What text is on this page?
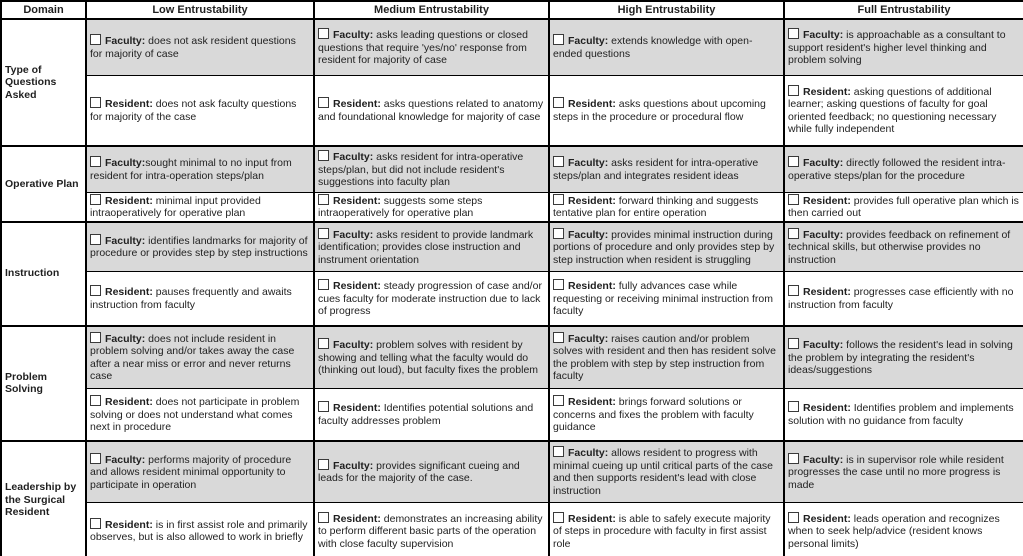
Domain	Low Entrustability	Medium Entrustability	High Entrustability	Full Entrustability
Type of Questions Asked	Faculty: does not ask resident questions for majority of case	Faculty: asks leading questions or closed questions that require 'yes/no' response from resident for majority of case	Faculty: extends knowledge with open-ended questions	Faculty: is approachable as a consultant to support resident's higher level thinking and problem solving
	Resident: does not ask faculty questions for majority of the case	Resident: asks questions related to anatomy and foundational knowledge for majority of case	Resident: asks questions about upcoming steps in the procedure or procedural flow	Resident: asking questions of additional learner; asking questions of faculty for goal oriented feedback; no questioning necessary while fully independent
Operative Plan	Faculty:sought minimal to no input from resident for intra-operation steps/plan	Faculty: asks resident for intra-operative steps/plan, but did not include resident's suggestions into faculty plan	Faculty: asks resident for intra-operative steps/plan and integrates resident ideas	Faculty: directly followed the resident intra-operative steps/plan for the procedure
	Resident: minimal input provided intraoperatively for operative plan	Resident: suggests some steps intraoperatively for operative plan	Resident: forward thinking and suggests tentative plan for entire operation	Resident: provides full operative plan which is then carried out
Instruction	Faculty: identifies landmarks for majority of procedure or provides step by step instructions	Faculty: asks resident to provide landmark identification; provides close instruction and instrument orientation	Faculty: provides minimal instruction during portions of procedure and only provides step by step instruction when resident is struggling	Faculty: provides feedback on refinement of technical skills, but otherwise provides no instruction
	Resident: pauses frequently and awaits instruction from faculty	Resident: steady progression of case and/or cues faculty for moderate instruction due to lack of progress	Resident: fully advances case while requesting or receiving minimal instruction from faculty	Resident: progresses case efficiently with no instruction from faculty
Problem Solving	Faculty: does not include resident in problem solving and/or takes away the case after a near miss or error and never returns case	Faculty: problem solves with resident by showing and telling what the faculty would do (thinking out loud), but faculty fixes the problem	Faculty: raises caution and/or problem solves with resident and then has resident solve the problem with step by step instruction from faculty	Faculty: follows the resident's lead in solving the problem by integrating the resident's ideas/suggestions
	Resident: does not participate in problem solving or does not understand what comes next in procedure	Resident: Identifies potential solutions and faculty addresses problem	Resident: brings forward solutions or concerns and fixes the problem with faculty guidance	Resident: Identifies problem and implements solution with no guidance from faculty
Leadership by the Surgical Resident	Faculty: performs majority of procedure and allows resident minimal opportunity to participate in operation	Faculty: provides significant cueing and leads for the majority of the case.	Faculty: allows resident to progress with minimal cueing up until critical parts of the case and then supports resident's lead with close instruction	Faculty: is in supervisor role while resident progresses the case until no more progress is made
	Resident: is in first assist role and primarily observes, but is also allowed to work in briefly	Resident: demonstrates an increasing ability to perform different basic parts of the operation with close faculty supervision	Resident: is able to safely execute majority of steps in procedure with faculty in first assist role	Resident: leads operation and recognizes when to seek help/advice (resident knows personal limits)
